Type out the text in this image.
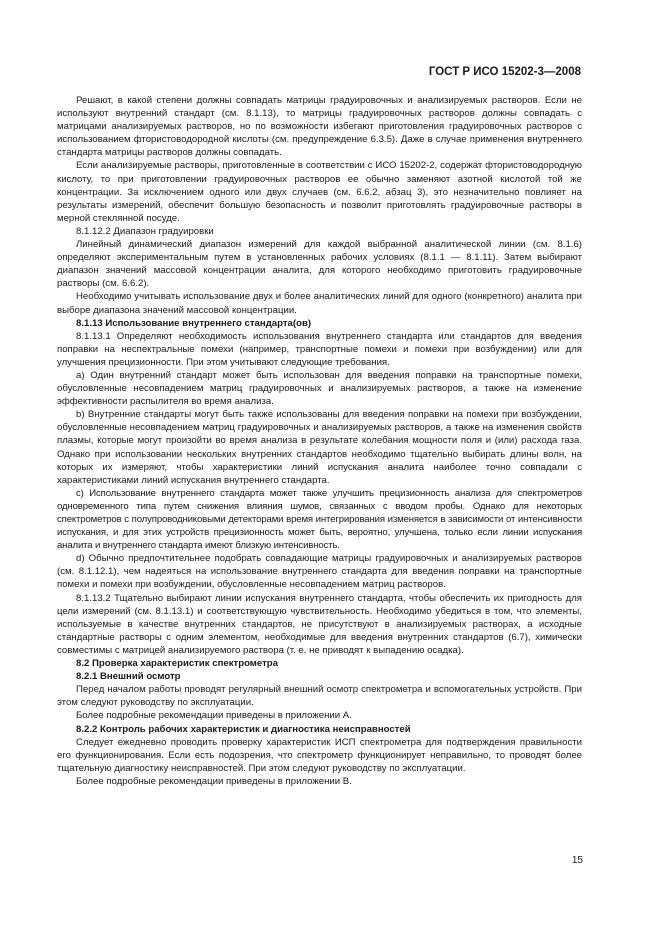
ГОСТ Р ИСО 15202-3—2008

Решают, в какой степени должны совпадать матрицы градуировочных и анализируемых растворов. Если не используют внутренний стандарт (см. 8.1.13), то матрицы градуировочных растворов должны совпадать с матрицами анализируемых растворов, но по возможности избегают приготовления градуировочных растворов с использованием фтористоводородной кислоты (см. предупреждение 6.3.5). Даже в случае применения внутреннего стандарта матрицы растворов должны совпадать.

Если анализируемые растворы, приготовленные в соответствии с ИСО 15202-2, содержат фтористоводородную кислоту, то при приготовлении градуировочных растворов ее обычно заменяют азотной кислотой той же концентрации. За исключением одного или двух случаев (см. 6.6.2, абзац 3), это незначительно повлияет на результаты измерений, обеспечит большую безопасность и позволит приготовлять градуировочные растворы в мерной стеклянной посуде.

8.1.12.2 Диапазон градуировки

Линейный динамический диапазон измерений для каждой выбранной аналитической линии (см. 8.1.6) определяют экспериментальным путем в установленных рабочих условиях (8.1.1 — 8.1.11). Затем выбирают диапазон значений массовой концентрации аналита, для которого необходимо приготовить градуировочные растворы (см. 6.6.2).

Необходимо учитывать использование двух и более аналитических линий для одного (конкретного) аналита при выборе диапазона значений массовой концентрации.

8.1.13 Использование внутреннего стандарта(ов)

8.1.13.1 Определяют необходимость использования внутреннего стандарта или стандартов для введения поправки на неспектральные помехи (например, транспортные помехи и помехи при возбуждении) или для улучшения прецизионности. При этом учитывают следующие требования.

a) Один внутренний стандарт может быть использован для введения поправки на транспортные помехи, обусловленные несовпадением матриц градуировочных и анализируемых растворов, а также на изменение эффективности распылителя во время анализа.

b) Внутренние стандарты могут быть также использованы для введения поправки на помехи при возбуждении, обусловленные несовпадением матриц градуировочных и анализируемых растворов, а также на изменения свойств плазмы, которые могут произойти во время анализа в результате колебания мощности поля и (или) расхода газа. Однако при использовании нескольких внутренних стандартов необходимо тщательно выбирать длины волн, на которых их измеряют, чтобы характеристики линий испускания аналита наиболее точно совпадали с характеристиками линий испускания внутреннего стандарта.

c) Использование внутреннего стандарта может также улучшить прецизионность анализа для спектрометров одновременного типа путем снижения влияния шумов, связанных с вводом пробы. Однако для некоторых спектрометров с полупроводниковыми детекторами время интегрирования изменяется в зависимости от интенсивности испускания, и для этих устройств прецизионность может быть, вероятно, улучшена, только если линии испускания аналита и внутреннего стандарта имеют близкую интенсивность.

d) Обычно предпочтительнее подобрать совпадающие матрицы градуировочных и анализируемых растворов (см. 8.1.12.1), чем надеяться на использование внутреннего стандарта для введения поправки на транспортные помехи и помехи при возбуждении, обусловленные несовпадением матриц растворов.

8.1.13.2 Тщательно выбирают линии испускания внутреннего стандарта, чтобы обеспечить их пригодность для цели измерений (см. 8.1.13.1) и соответствующую чувствительность. Необходимо убедиться в том, что элементы, используемые в качестве внутренних стандартов, не присутствуют в анализируемых растворах, а исходные стандартные растворы с одним элементом, необходимые для введения внутренних стандартов (6.7), химически совместимы с матрицей анализируемого раствора (т. е. не приводят к выпадению осадка).

8.2 Проверка характеристик спектрометра

8.2.1 Внешний осмотр

Перед началом работы проводят регулярный внешний осмотр спектрометра и вспомогательных устройств. При этом следуют руководству по эксплуатации.

Более подробные рекомендации приведены в приложении А.

8.2.2 Контроль рабочих характеристик и диагностика неисправностей

Следует ежедневно проводить проверку характеристик ИСП спектрометра для подтверждения правильности его функционирования. Если есть подозрения, что спектрометр функционирует неправильно, то проводят более тщательную диагностику неисправностей. При этом следуют руководству по эксплуатации.

Более подробные рекомендации приведены в приложении В.

15
